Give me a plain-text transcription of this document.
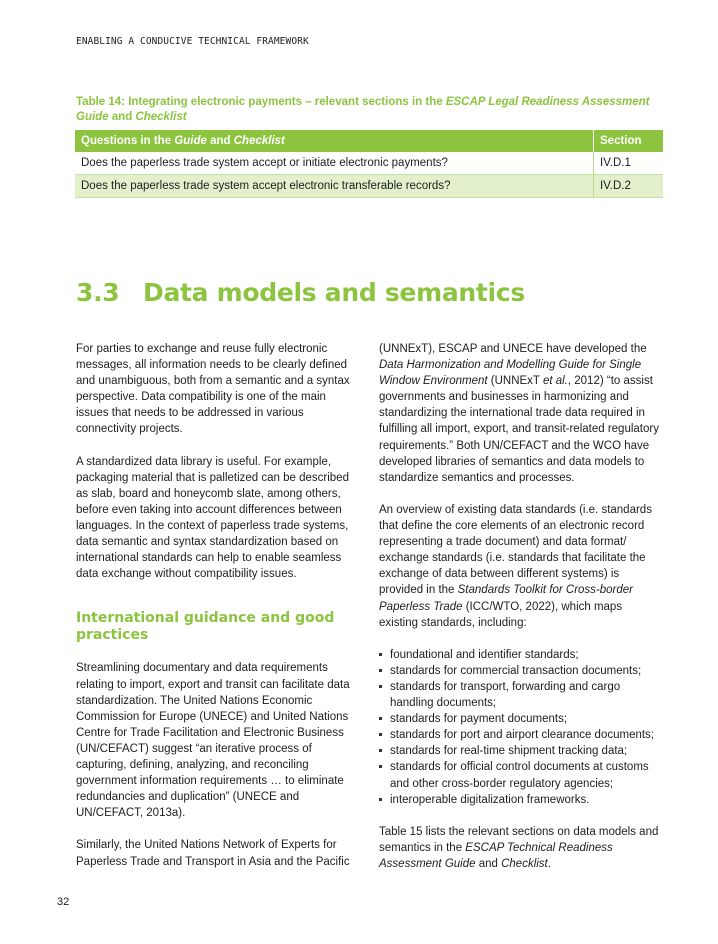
ENABLING A CONDUCIVE TECHNICAL FRAMEWORK
Table 14: Integrating electronic payments – relevant sections in the ESCAP Legal Readiness Assessment Guide and Checklist
Questions in the Guide and Checklist	Section
Does the paperless trade system accept or initiate electronic payments?	IV.D.1
Does the paperless trade system accept electronic transferable records?	IV.D.2
3.3 Data models and semantics

For parties to exchange and reuse fully electronic messages, all information needs to be clearly defined and unambiguous, both from a semantic and a syntax perspective. Data compatibility is one of the main issues that needs to be addressed in various connectivity projects.

A standardized data library is useful. For example, packaging material that is palletized can be described as slab, board and honeycomb slate, among others, before even taking into account differences between languages. In the context of paperless trade systems, data semantic and syntax standardization based on international standards can help to enable seamless data exchange without compatibility issues.

International guidance and good practices

Streamlining documentary and data requirements relating to import, export and transit can facilitate data standardization. The United Nations Economic Commission for Europe (UNECE) and United Nations Centre for Trade Facilitation and Electronic Business (UN/CEFACT) suggest “an iterative process of capturing, defining, analyzing, and reconciling government information requirements … to eliminate redundancies and duplication” (UNECE and UN/CEFACT, 2013a).

Similarly, the United Nations Network of Experts for Paperless Trade and Transport in Asia and the Pacific

(UNNExT), ESCAP and UNECE have developed the Data Harmonization and Modelling Guide for Single Window Environment (UNNExT et al., 2012) “to assist governments and businesses in harmonizing and standardizing the international trade data required in fulfilling all import, export, and transit-related regulatory requirements.” Both UN/CEFACT and the WCO have developed libraries of semantics and data models to standardize semantics and processes.

An overview of existing data standards (i.e. standards that define the core elements of an electronic record representing a trade document) and data format/ exchange standards (i.e. standards that facilitate the exchange of data between different systems) is provided in the Standards Toolkit for Cross-border Paperless Trade (ICC/WTO, 2022), which maps existing standards, including:

foundational and identifier standards;
standards for commercial transaction documents;
standards for transport, forwarding and cargo handling documents;
standards for payment documents;
standards for port and airport clearance documents;
standards for real-time shipment tracking data;
standards for official control documents at customs and other cross-border regulatory agencies;
interoperable digitalization frameworks.

Table 15 lists the relevant sections on data models and semantics in the ESCAP Technical Readiness Assessment Guide and Checklist.

32
